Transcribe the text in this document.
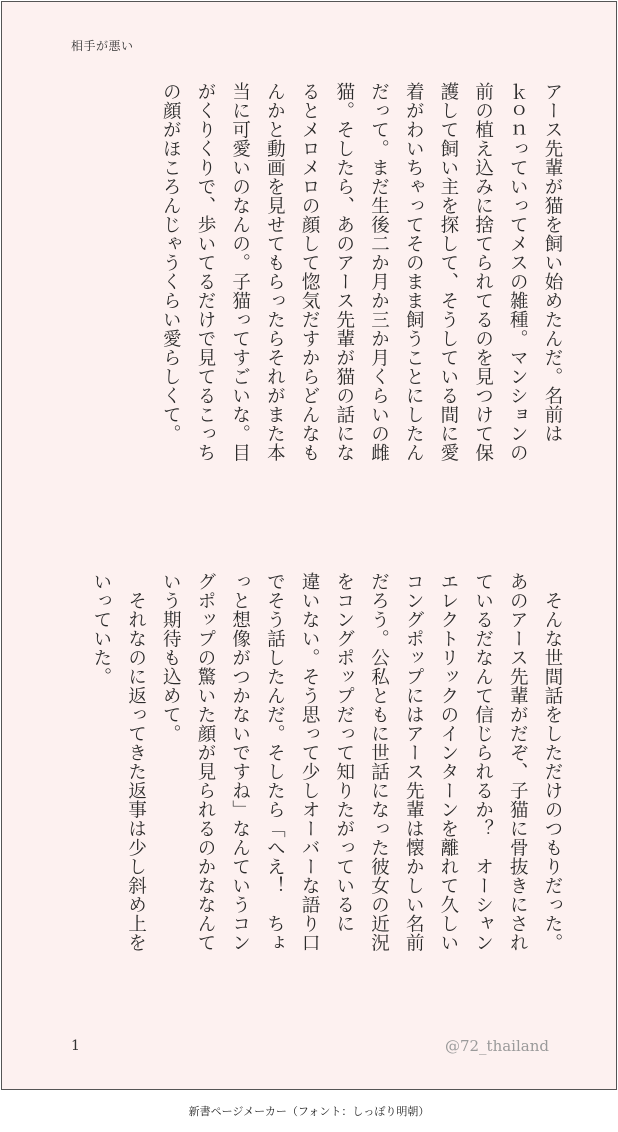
相手が悪い
アース先輩が猫を飼い始めたんだ。名前は
ｋｏｎっていってメスの雑種。マンションの
前の植え込みに捨てられてるのを見つけて保
護して飼い主を探して、そうしている間に愛
着がわいちゃってそのまま飼うことにしたん
だって。まだ生後二か月か三か月くらいの雌
猫。そしたら、あのアース先輩が猫の話にな
るとメロメロの顔して惚気だすからどんなも
んかと動画を見せてもらったらそれがまた本
当に可愛いのなんの。子猫ってすごいな。目
がくりくりで、歩いてるだけで見てるこっち
の顔がほころんじゃうくらい愛らしくて。
　そんな世間話をしただけのつもりだった。
あのアース先輩がだぞ、子猫に骨抜きにされ
ているだなんて信じられるか？　オーシャン
エレクトリックのインターンを離れて久しい
コングポップにはアース先輩は懐かしい名前
だろう。公私ともに世話になった彼女の近況
をコングポップだって知りたがっているに
違いない。そう思って少しオーバーな語り口
でそう話したんだ。そしたら「へえ！　ちょ
っと想像がつかないですね」なんていうコン
グポップの驚いた顔が見られるのかななんて
いう期待も込めて。
　それなのに返ってきた返事は少し斜め上を
いっていた。
1	@72_thailand
新書ページメーカー（フォント：しっぽり明朝）
